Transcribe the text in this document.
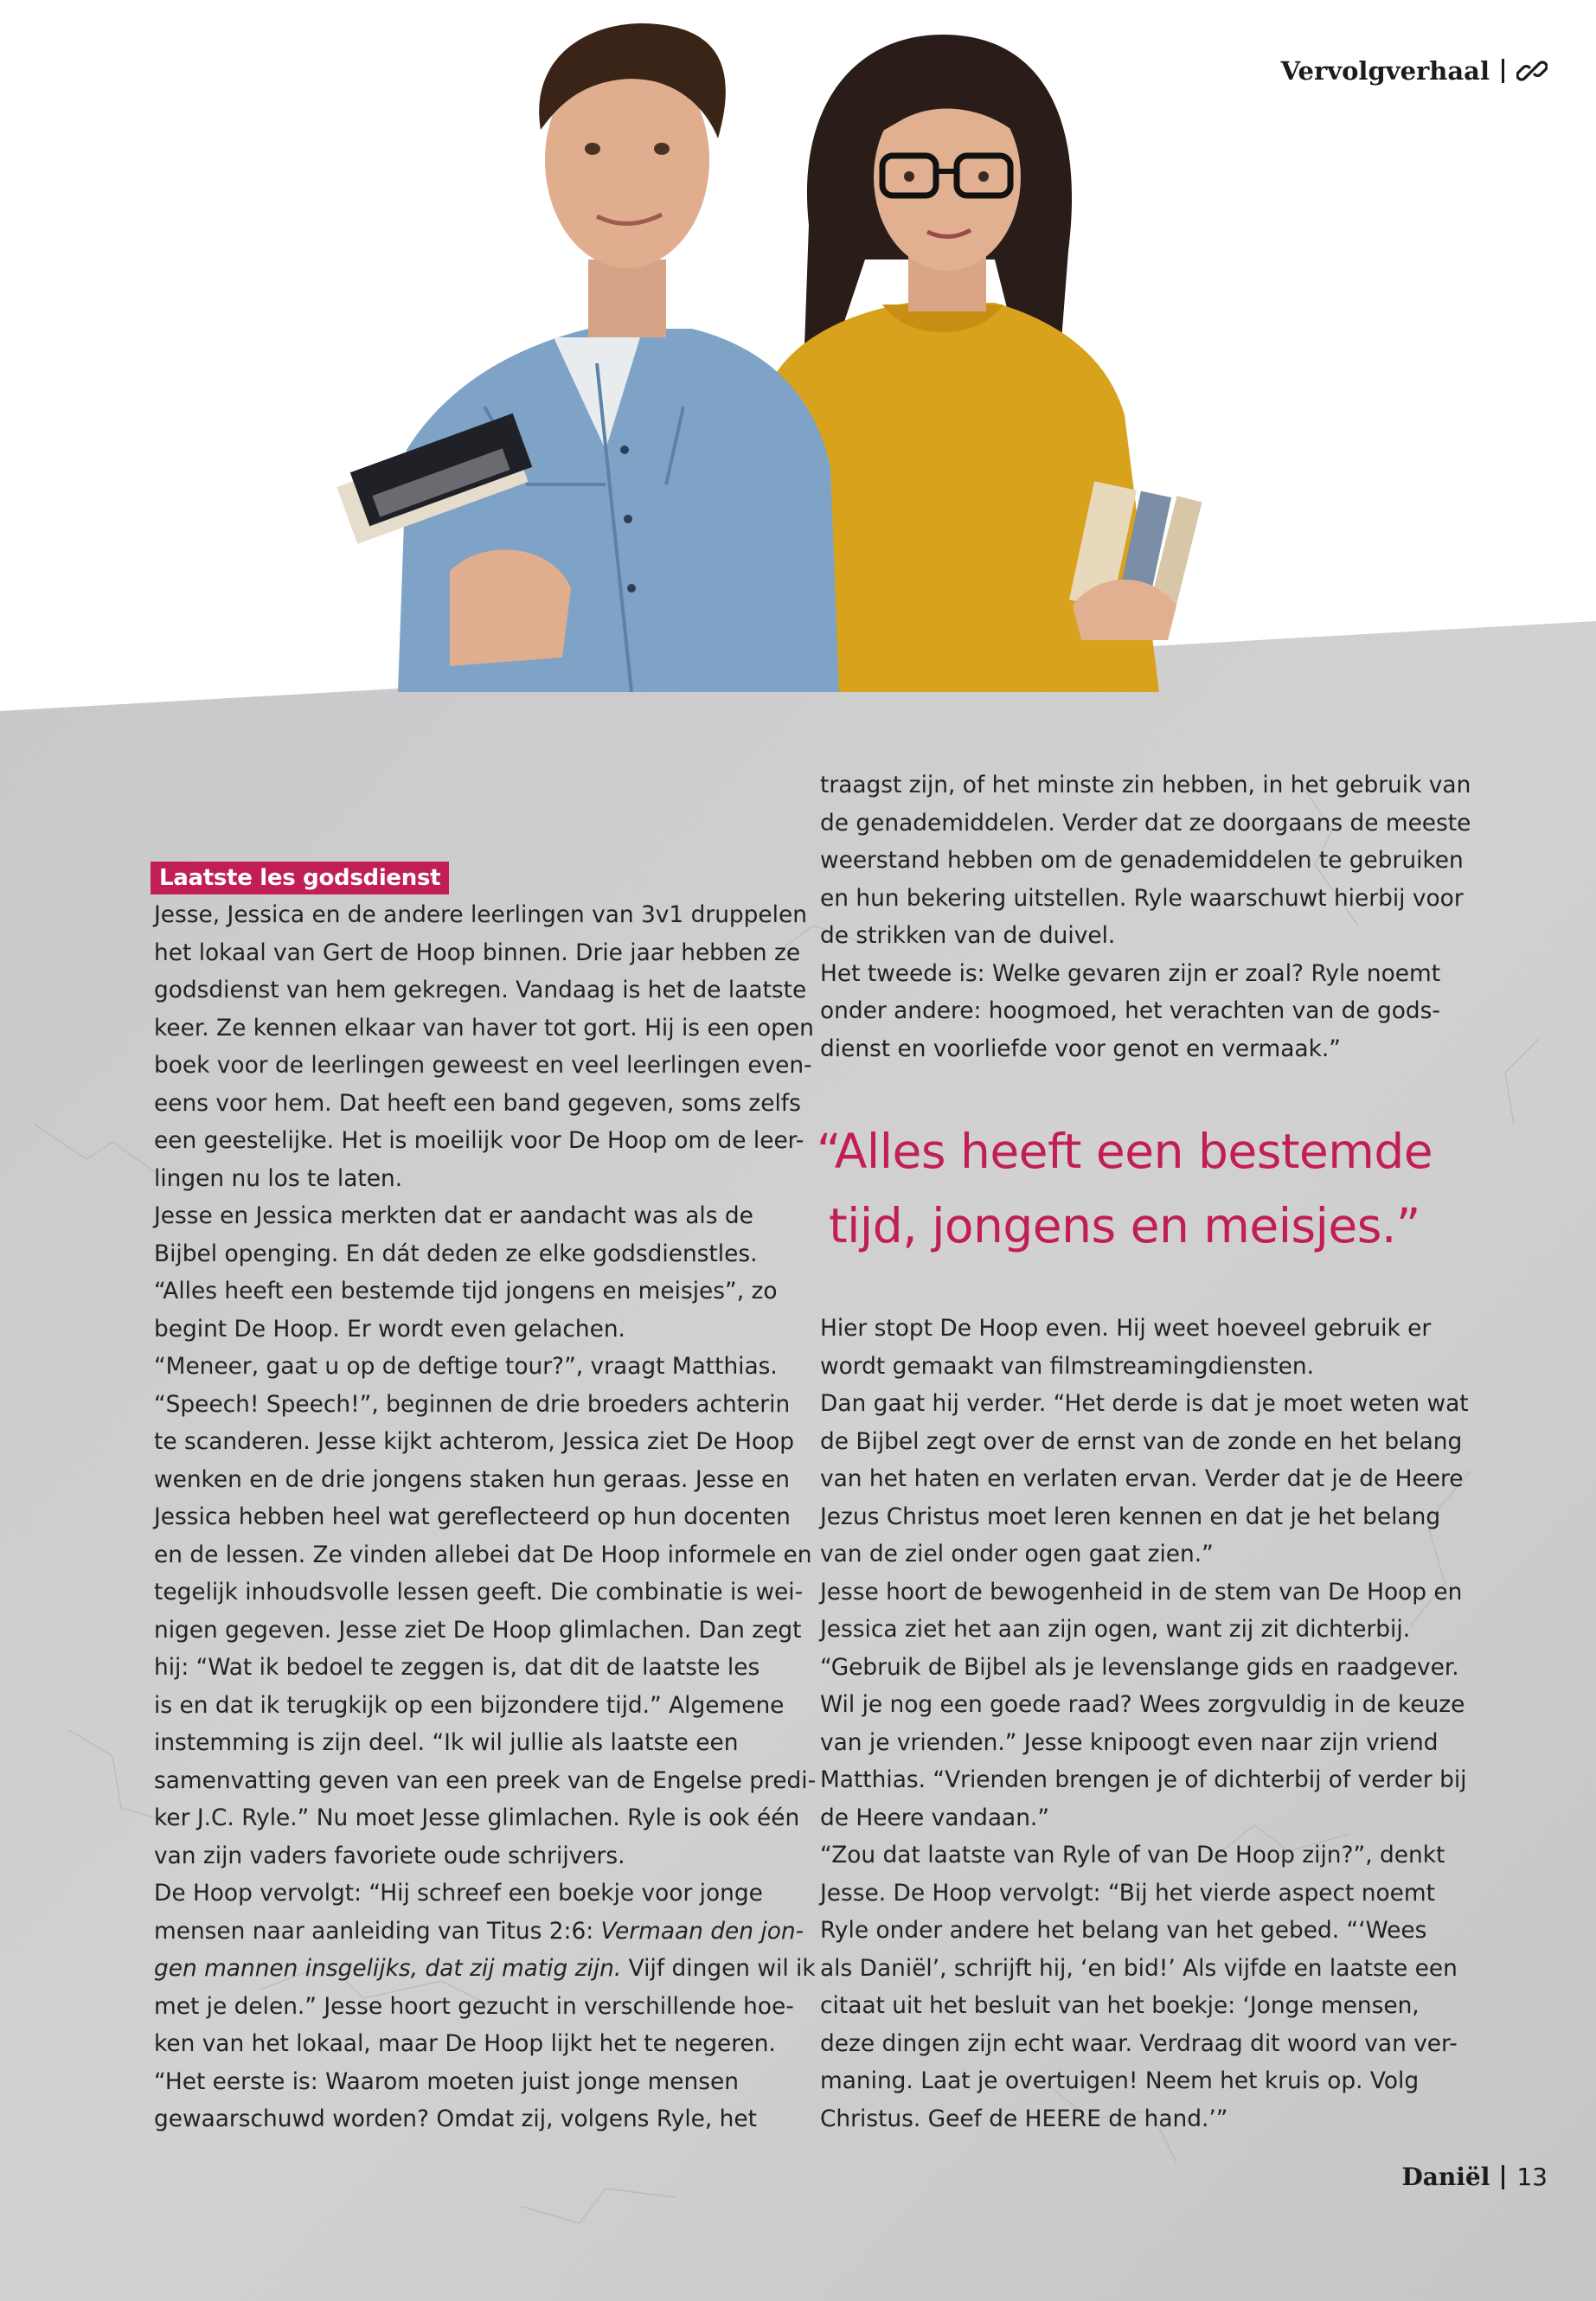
Vervolgverhaal
Laatste les godsdienst

Jesse, Jessica en de andere leerlingen van 3v1 druppelen

het lokaal van Gert de Hoop binnen. Drie jaar hebben ze

godsdienst van hem gekregen. Vandaag is het de laatste

keer. Ze kennen elkaar van haver tot gort. Hij is een open

boek voor de leerlingen geweest en veel leerlingen even-

eens voor hem. Dat heeft een band gegeven, soms zelfs

een geestelijke. Het is moeilijk voor De Hoop om de leer-

lingen nu los te laten.

Jesse en Jessica merkten dat er aandacht was als de

Bijbel openging. En dát deden ze elke godsdienstles.

“Alles heeft een bestemde tijd jongens en meisjes”, zo

begint De Hoop. Er wordt even gelachen.

“Meneer, gaat u op de deftige tour?”, vraagt Matthias.

“Speech! Speech!”, beginnen de drie broeders achterin

te scanderen. Jesse kijkt achterom, Jessica ziet De Hoop

wenken en de drie jongens staken hun geraas. Jesse en

Jessica hebben heel wat gereflecteerd op hun docenten

en de lessen. Ze vinden allebei dat De Hoop informele en

tegelijk inhoudsvolle lessen geeft. Die combinatie is wei-

nigen gegeven. Jesse ziet De Hoop glimlachen. Dan zegt

hij: “Wat ik bedoel te zeggen is, dat dit de laatste les

is en dat ik terugkijk op een bijzondere tijd.” Algemene

instemming is zijn deel. “Ik wil jullie als laatste een

samenvatting geven van een preek van de Engelse predi-

ker J.C. Ryle.” Nu moet Jesse glimlachen. Ryle is ook één

van zijn vaders favoriete oude schrijvers.

De Hoop vervolgt: “Hij schreef een boekje voor jonge

mensen naar aanleiding van Titus 2:6: Vermaan den jon-

gen mannen insgelijks, dat zij matig zijn. Vijf dingen wil ik

met je delen.” Jesse hoort gezucht in verschillende hoe-

ken van het lokaal, maar De Hoop lijkt het te negeren.

“Het eerste is: Waarom moeten juist jonge mensen

gewaarschuwd worden? Omdat zij, volgens Ryle, het

traagst zijn, of het minste zin hebben, in het gebruik van

de genademiddelen. Verder dat ze doorgaans de meeste

weerstand hebben om de genademiddelen te gebruiken

en hun bekering uitstellen. Ryle waarschuwt hierbij voor

de strikken van de duivel.

Het tweede is: Welke gevaren zijn er zoal? Ryle noemt

onder andere: hoogmoed, het verachten van de gods-

dienst en voorliefde voor genot en vermaak.”

“Alles heeft een bestemde
tijd, jongens en meisjes.”

Hier stopt De Hoop even. Hij weet hoeveel gebruik er

wordt gemaakt van filmstreamingdiensten.

Dan gaat hij verder. “Het derde is dat je moet weten wat

de Bijbel zegt over de ernst van de zonde en het belang

van het haten en verlaten ervan. Verder dat je de Heere

Jezus Christus moet leren kennen en dat je het belang

van de ziel onder ogen gaat zien.”

Jesse hoort de bewogenheid in de stem van De Hoop en

Jessica ziet het aan zijn ogen, want zij zit dichterbij.

“Gebruik de Bijbel als je levenslange gids en raadgever.

Wil je nog een goede raad? Wees zorgvuldig in de keuze

van je vrienden.” Jesse knipoogt even naar zijn vriend

Matthias. “Vrienden brengen je of dichterbij of verder bij

de Heere vandaan.”

“Zou dat laatste van Ryle of van De Hoop zijn?”, denkt

Jesse. De Hoop vervolgt: “Bij het vierde aspect noemt

Ryle onder andere het belang van het gebed. “‘Wees

als Daniël’, schrijft hij, ‘en bid!’ Als vijfde en laatste een

citaat uit het besluit van het boekje: ‘Jonge mensen,

deze dingen zijn echt waar. Verdraag dit woord van ver-

maning. Laat je overtuigen! Neem het kruis op. Volg

Christus. Geef de HEERE de hand.’”

Daniël 13
